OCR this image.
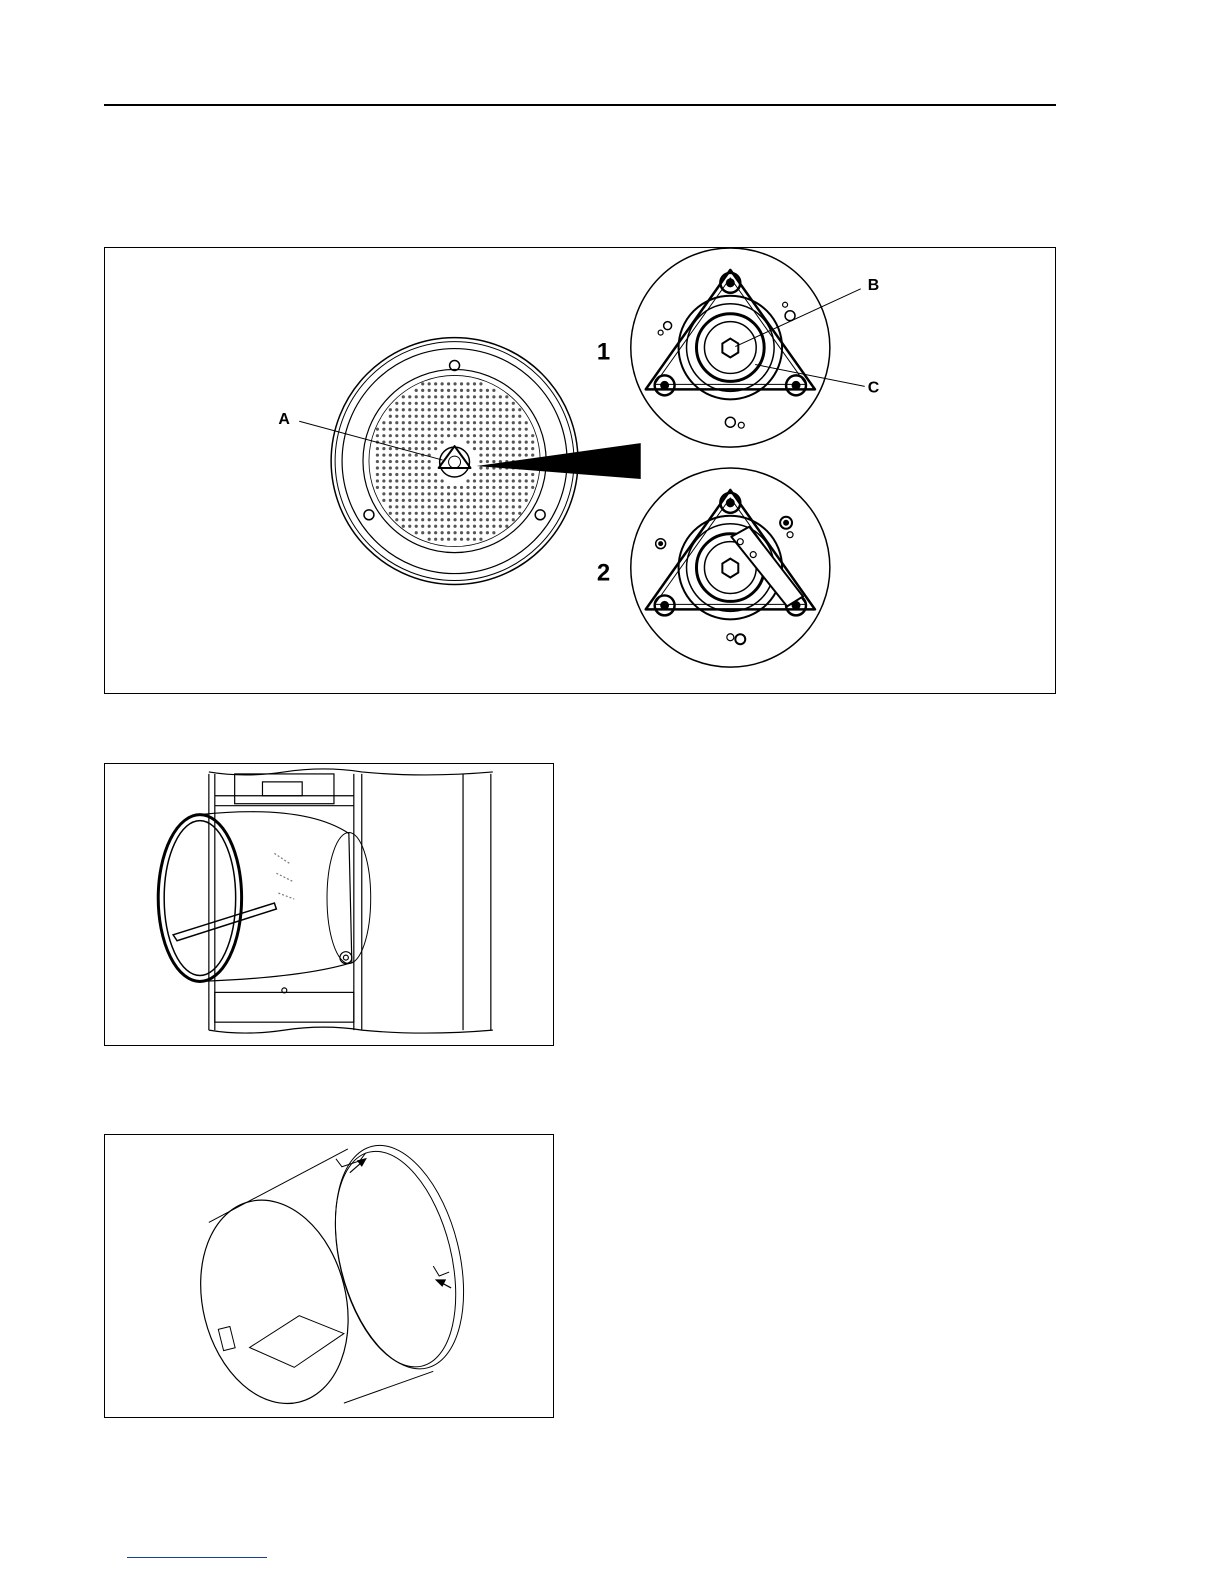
A
B
C
1
2
